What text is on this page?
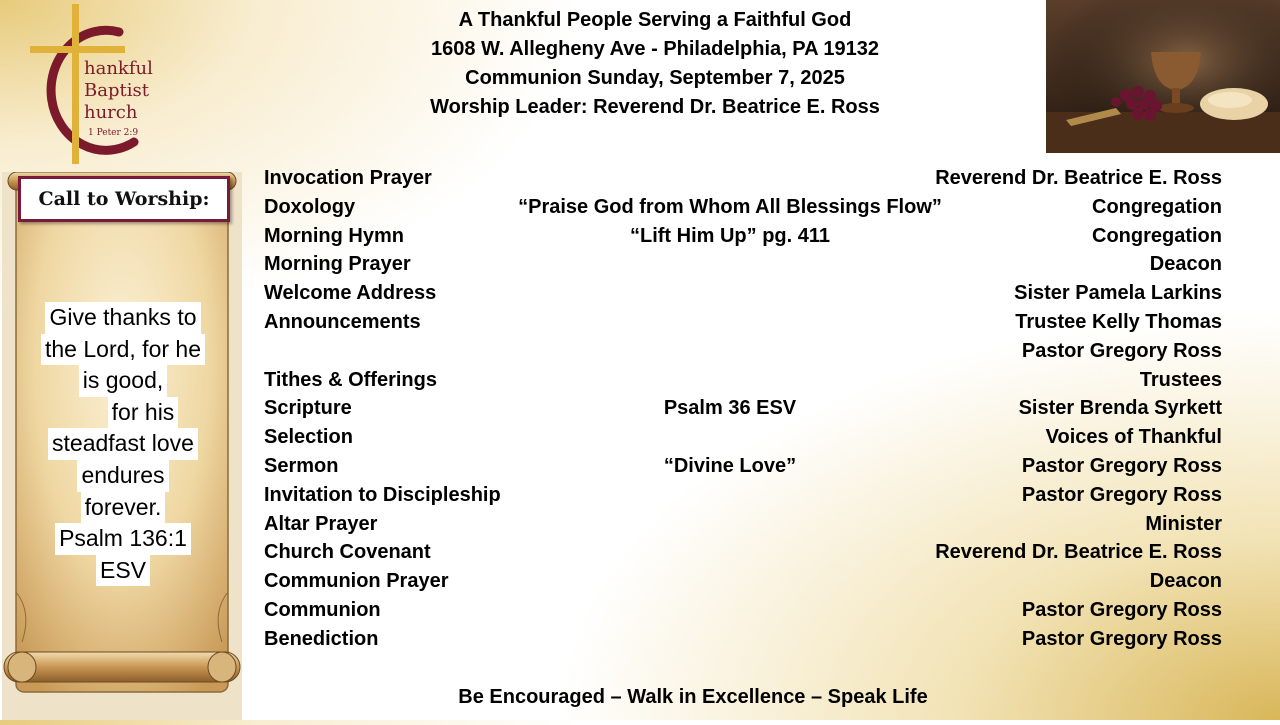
hankful
Baptist
hurch
1 Peter 2:9
A Thankful People Serving a Faithful God
1608 W. Allegheny Ave - Philadelphia, PA 19132
Communion Sunday, September 7, 2025
Worship Leader: Reverend Dr. Beatrice E. Ross
Call to Worship:
Give thanks to
the Lord, for he
is good,
for his
steadfast love
endures
forever.
Psalm 136:1
ESV
Invocation Prayer	Reverend Dr. Beatrice E. Ross
Doxology	“Praise God from Whom All Blessings Flow”	Congregation
Morning Hymn	“Lift Him Up” pg. 411	Congregation
Morning Prayer	Deacon
Welcome Address	Sister Pamela Larkins
Announcements	Trustee Kelly Thomas
Pastor Gregory Ross
Tithes & Offerings	Trustees
Scripture	Psalm 36 ESV	Sister Brenda Syrkett
Selection	Voices of Thankful
Sermon	“Divine Love”	Pastor Gregory Ross
Invitation to Discipleship	Pastor Gregory Ross
Altar Prayer	Minister
Church Covenant	Reverend Dr. Beatrice E. Ross
Communion Prayer	Deacon
Communion	Pastor Gregory Ross
Benediction	Pastor Gregory Ross
Be Encouraged – Walk in Excellence – Speak Life
